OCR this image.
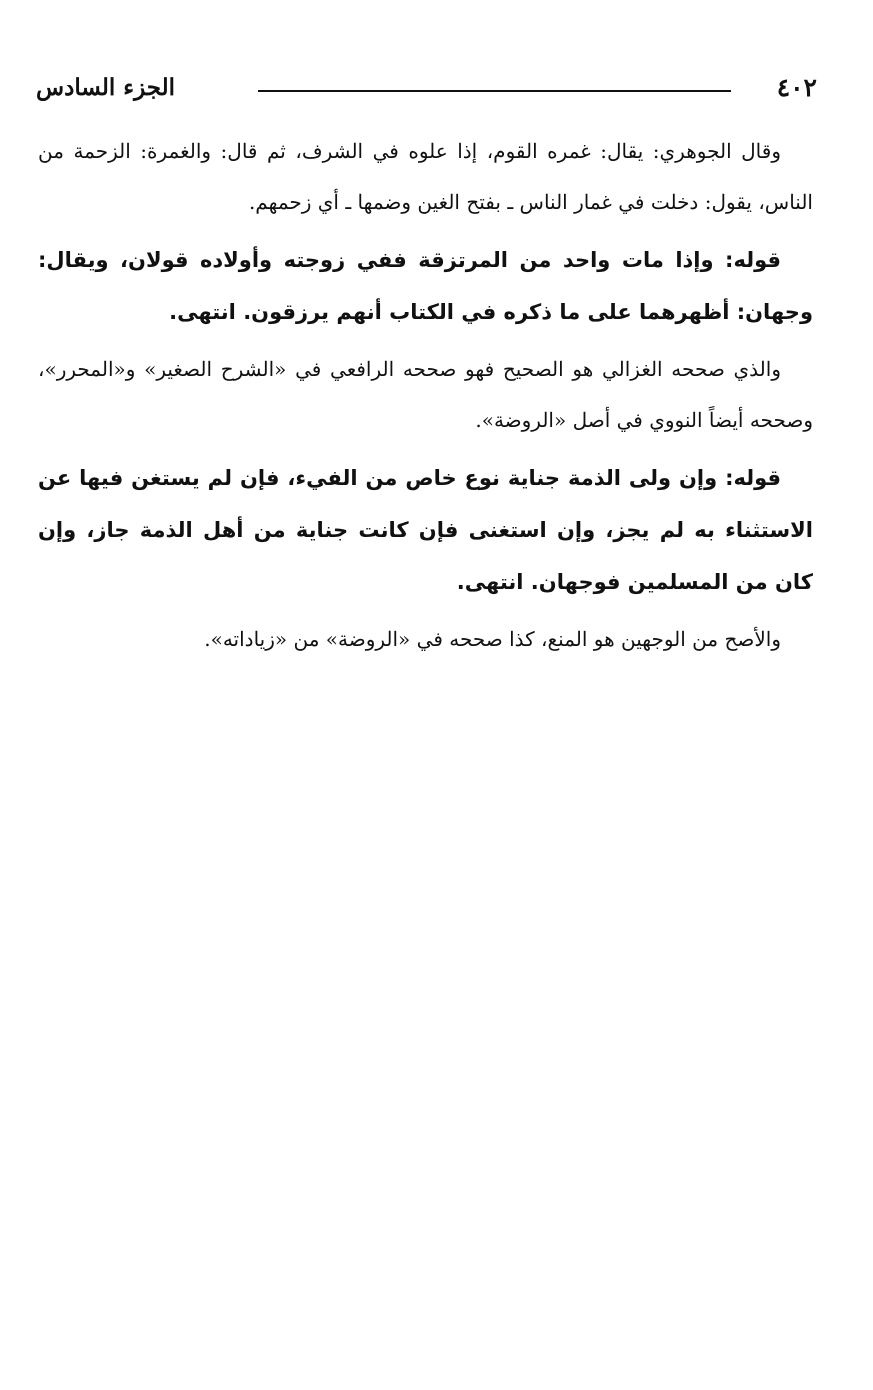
٤٠٢
الجزء السادس

وقال الجوهري: يقال: غمره القوم، إذا علوه في الشرف، ثم قال: والغمرة: الزحمة من الناس، يقول: دخلت في غمار الناس ـ بفتح الغين وضمها ـ أي زحمهم.

قوله: وإذا مات واحد من المرتزقة ففي زوجته وأولاده قولان، ويقال: وجهان: أظهرهما على ما ذكره في الكتاب أنهم يرزقون. انتهى.

والذي صححه الغزالي هو الصحيح فهو صححه الرافعي في «الشرح الصغير» و«المحرر»، وصححه أيضاً النووي في أصل «الروضة».

قوله: وإن ولى الذمة جناية نوع خاص من الفيء، فإن لم يستغن فيها عن الاستثناء به لم يجز، وإن استغنى فإن كانت جناية من أهل الذمة جاز، وإن كان من المسلمين فوجهان. انتهى.

والأصح من الوجهين هو المنع، كذا صححه في «الروضة» من «زياداته».
